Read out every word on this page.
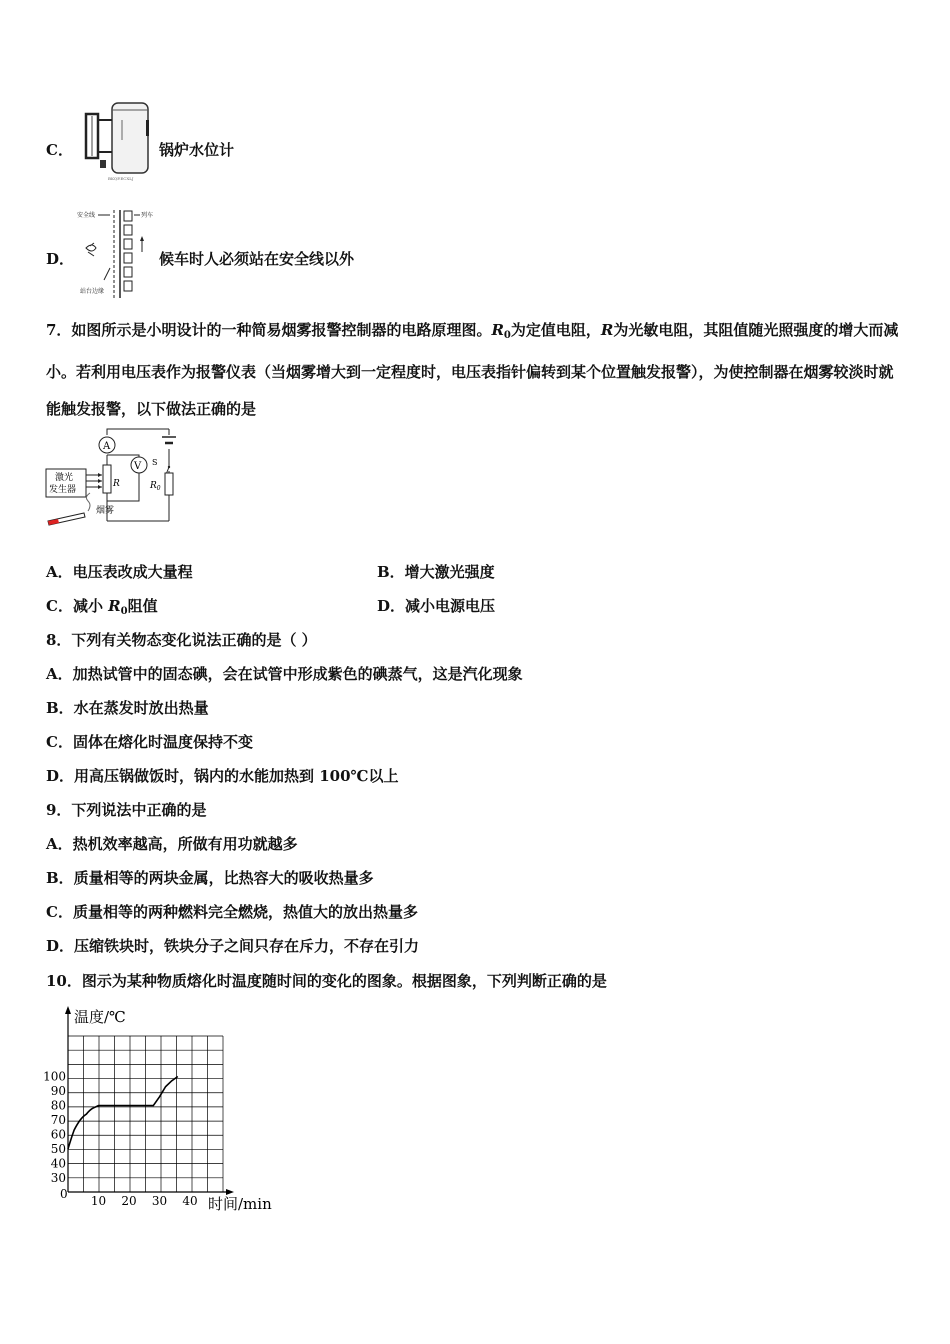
C．
BKQP.ECXLJ
锅炉水位计
D．
安全线	列车
站台边缘
候车时人必须站在安全线以外
7．如图所示是小明设计的一种简易烟雾报警控制器的电路原理图。$R_0$为定值电阻，R为光敏电阻，其阻值随光照强度的增大而减小。若利用电压表作为报警仪表（当烟雾增大到一定程度时，电压表指针偏转到某个位置触发报警），为使控制器在烟雾较淡时就能触发报警，以下做法正确的是
S
A
R
V
$R_0$
激光
发生器
烟雾
A．电压表改成大量程	B．增大激光强度
C．减小 $R_0$阻值	D．减小电源电压
8．下列有关物态变化说法正确的是（ ）
A．加热试管中的固态碘，会在试管中形成紫色的碘蒸气，这是汽化现象
B．水在蒸发时放出热量
C．固体在熔化时温度保持不变
D．用高压锅做饭时，锅内的水能加热到 100℃以上
9．下列说法中正确的是
A．热机效率越高，所做有用功就越多
B．质量相等的两块金属，比热容大的吸收热量多
C．质量相等的两种燃料完全燃烧，热值大的放出热量多
D．压缩铁块时，铁块分子之间只存在斥力，不存在引力
10．图示为某种物质熔化时温度随时间的变化的图象。根据图象，下列判断正确的是
温度/℃
时间/min
0
30
40
50
60
70
80
90
100
10 20 30 40
